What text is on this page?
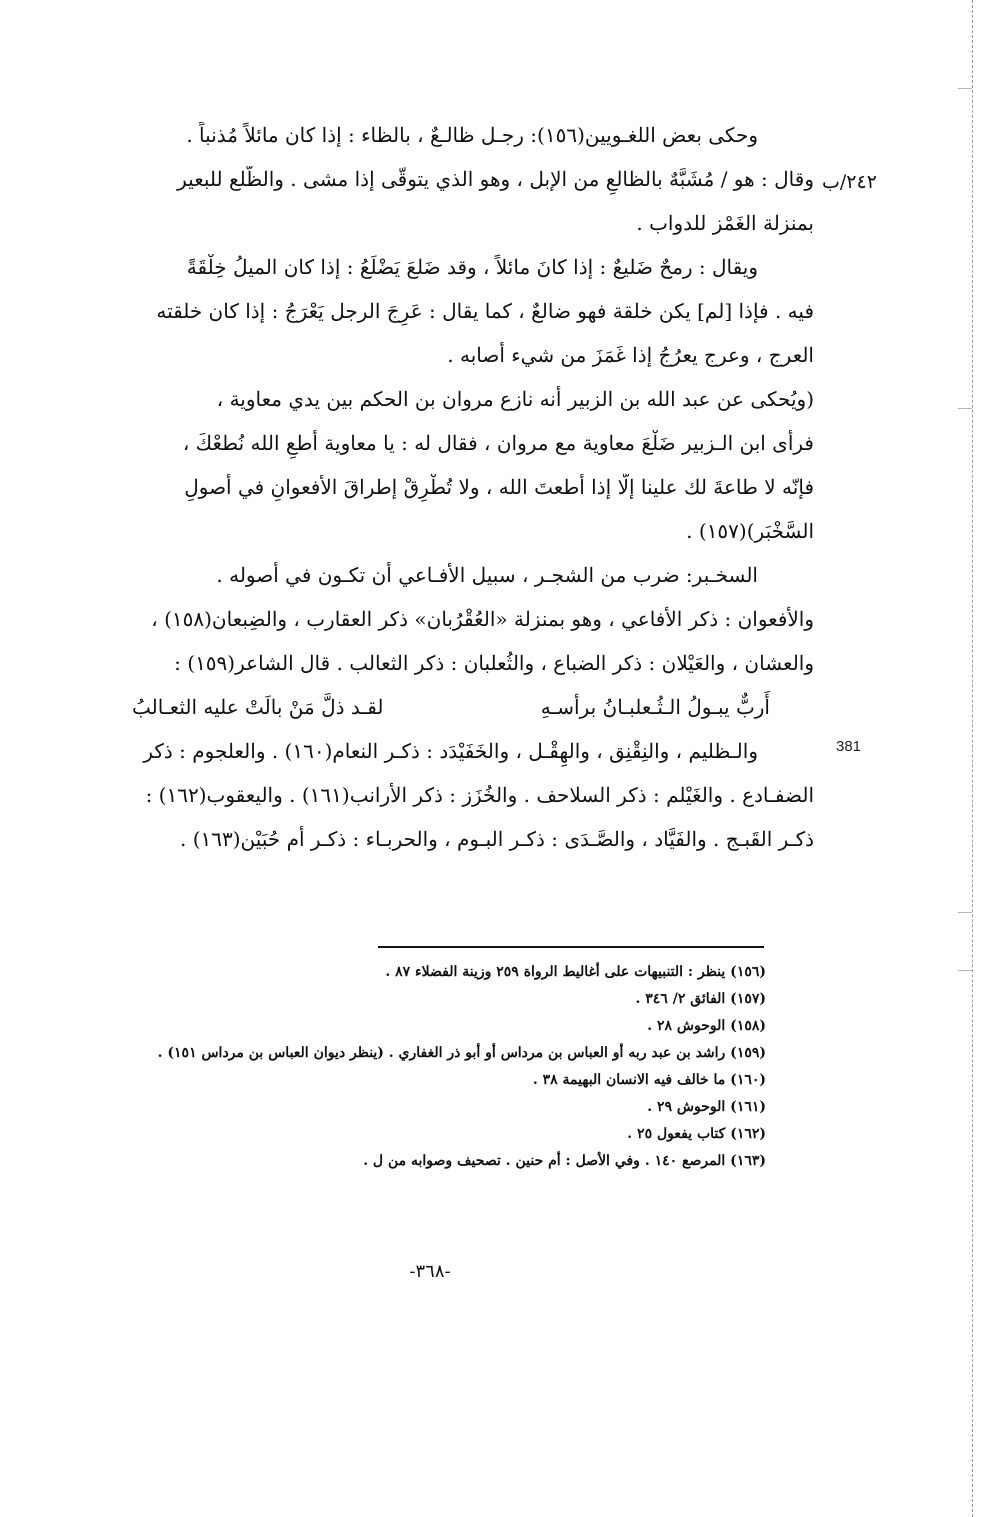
٢٤٢/ب
381
وحكى بعض اللغـويين(١٥٦): رجـل ظالـعٌ ، بالظاء : إذا كان مائلاً مُذنباً .
وقال : هو / مُشَبَّهٌ بالظالعِ من الإبل ، وهو الذي يتوقّى إذا مشى . والظَّلع للبعير
بمنزلة الغَمْز للدواب .
ويقال : رمحٌ ضَليعٌ : إذا كانَ مائلاً ، وقد ضَلعَ يَضْلَعُ : إذا كان الميلُ خِلْقَةً
فيه . فإذا [لم] يكن خلقة فهو ضالعٌ ، كما يقال : عَرِجَ الرجل يَعْرَجُ : إذا كان خلقته
العرج ، وعرج يعرُجُ إذا غَمَزَ من شيء أصابه .
(ويُحكى عن عبد الله بن الزبير أنه نازع مروان بن الحكم بين يدي معاوية ،
فرأى ابن الـزبير ضَلْعَ معاوية مع مروان ، فقال له : يا معاوية أطعِ الله نُطعْكَ ،
فإنّه لا طاعةَ لك علينا إلّا إذا أطعتَ الله ، ولا تُطْرِقْ إطراقَ الأفعوانِ في أصولِ
السَّخْبَر)(١٥٧) .
السخـبر: ضرب من الشجـر ، سبيل الأفـاعي أن تكـون في أصوله .
والأُفعوان : ذكر الأفاعي ، وهو بمنزلة «العُقْرُبان» ذكر العقارب ، والضِبعان(١٥٨) ،
والعشان ، والعَيْلان : ذكر الضباع ، والثُعلبان : ذكر الثعالب . قال الشاعر(١٥٩) :
أَربٌّ يبـولُ الـثُـعلبـانُ برأسـهِ
لقـد ذلَّ مَنْ بالَتْ عليه الثعـالبُ
والـظليم ، والنِقْنِق ، والهِقْـل ، والخَفَيْدَد : ذكـر النعام(١٦٠) . والعلجوم : ذكر
الضفـادع . والغَيْلم : ذكر السلاحف . والخُزَز : ذكر الأرانب(١٦١) . واليعقوب(١٦٢) :
ذكـر القَبـج . والفَيَّاد ، والصَّـدَى : ذكـر البـوم ، والحربـاء : ذكـر أم حُبَيْن(١٦٣) .
(١٥٦) ينظر : التنبيهات على أغاليط الرواة ٢٥٩ وزينة الفضلاء ٨٧ .
(١٥٧) الفائق ٢/ ٣٤٦ .
(١٥٨) الوحوش ٢٨ .
(١٥٩) راشد بن عبد ربه أو العباس بن مرداس أو أبو ذر الغفاري . (ينظر ديوان العباس بن مرداس ١٥١) .
(١٦٠) ما خالف فيه الانسان البهيمة ٣٨ .
(١٦١) الوحوش ٢٩ .
(١٦٢) كتاب يفعول ٢٥ .
(١٦٣) المرصع ١٤٠ . وفي الأصل : أم حنين . تصحيف وصوابه من ل .
-٣٦٨-
